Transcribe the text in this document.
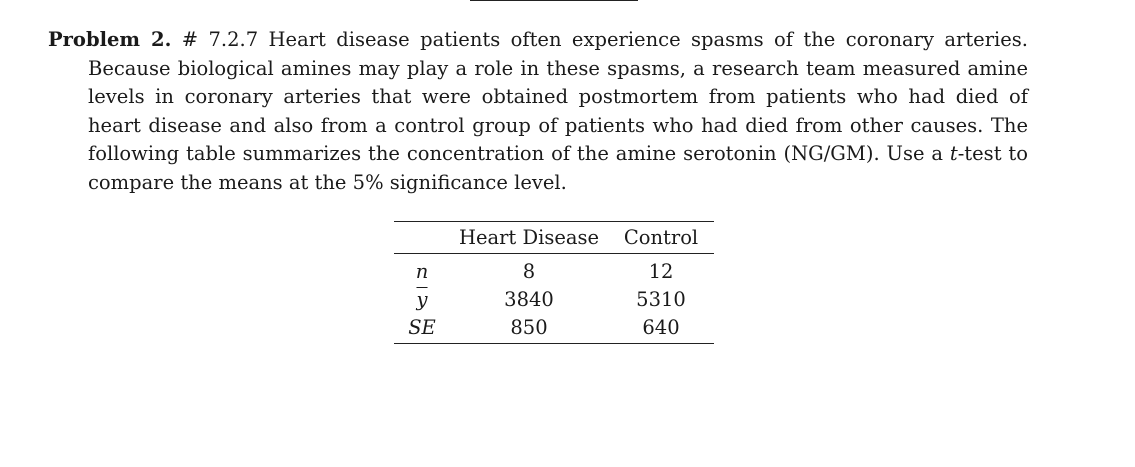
Problem 2. # 7.2.7 Heart disease patients often experience spasms of the coronary arteries. Because biological amines may play a role in these spasms, a research team measured amine levels in coronary arteries that were obtained postmortem from patients who had died of heart disease and also from a control group of patients who had died from other causes. The following table summarizes the concentration of the amine serotonin (NG/GM). Use a t-test to compare the means at the 5% significance level.

	Heart Disease	Control
n	8	12
$\overline{y}$	3840	5310
SE	850	640
